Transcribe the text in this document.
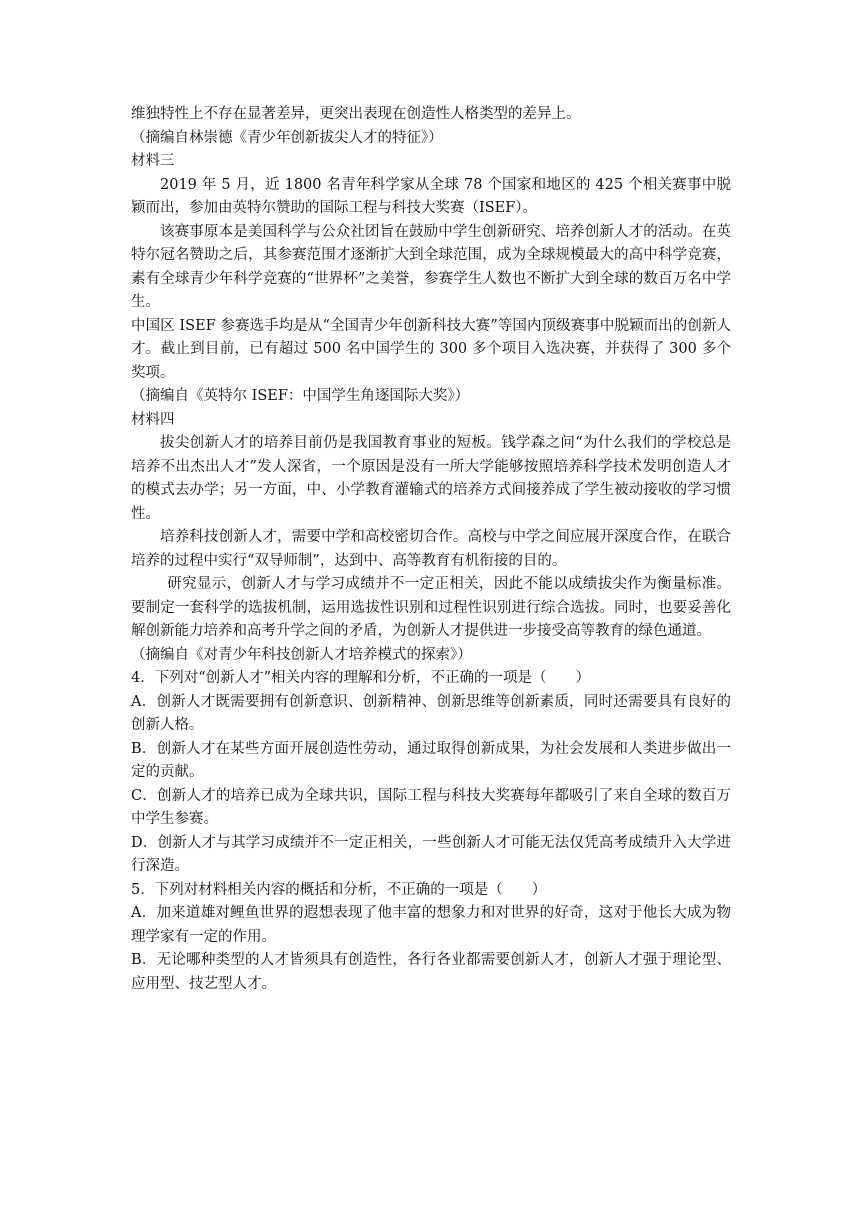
维独特性上不存在显著差异，更突出表现在创造性人格类型的差异上。

（摘编自林崇德《青少年创新拔尖人才的特征》）

材料三

2019 年 5 月，近 1800 名青年科学家从全球 78 个国家和地区的 425 个相关赛事中脱颖而出，参加由英特尔赞助的国际工程与科技大奖赛（ISEF）。

该赛事原本是美国科学与公众社团旨在鼓励中学生创新研究、培养创新人才的活动。在英特尔冠名赞助之后，其参赛范围才逐渐扩大到全球范围，成为全球规模最大的高中科学竞赛，素有全球青少年科学竞赛的“世界杯”之美誉，参赛学生人数也不断扩大到全球的数百万名中学生。

中国区 ISEF 参赛选手均是从“全国青少年创新科技大赛”等国内顶级赛事中脱颖而出的创新人才。截止到目前，已有超过 500 名中国学生的 300 多个项目入选决赛，并获得了 300 多个奖项。

（摘编自《英特尔 ISEF：中国学生角逐国际大奖》）

材料四

拔尖创新人才的培养目前仍是我国教育事业的短板。钱学森之问“为什么我们的学校总是培养不出杰出人才”发人深省，一个原因是没有一所大学能够按照培养科学技术发明创造人才的模式去办学；另一方面，中、小学教育灌输式的培养方式间接养成了学生被动接收的学习惯性。

培养科技创新人才，需要中学和高校密切合作。高校与中学之间应展开深度合作，在联合培养的过程中实行“双导师制”，达到中、高等教育有机衔接的目的。

研究显示，创新人才与学习成绩并不一定正相关，因此不能以成绩拔尖作为衡量标准。要制定一套科学的选拔机制，运用选拔性识别和过程性识别进行综合选拔。同时，也要妥善化解创新能力培养和高考升学之间的矛盾，为创新人才提供进一步接受高等教育的绿色通道。

（摘编自《对青少年科技创新人才培养模式的探索》）

4．下列对“创新人才”相关内容的理解和分析，不正确的一项是（　　）

A．创新人才既需要拥有创新意识、创新精神、创新思维等创新素质，同时还需要具有良好的创新人格。

B．创新人才在某些方面开展创造性劳动，通过取得创新成果，为社会发展和人类进步做出一定的贡献。

C．创新人才的培养已成为全球共识，国际工程与科技大奖赛每年都吸引了来自全球的数百万中学生参赛。

D．创新人才与其学习成绩并不一定正相关，一些创新人才可能无法仅凭高考成绩升入大学进行深造。

5．下列对材料相关内容的概括和分析，不正确的一项是（　　）

A．加来道雄对鲤鱼世界的遐想表现了他丰富的想象力和对世界的好奇，这对于他长大成为物理学家有一定的作用。

B．无论哪种类型的人才皆须具有创造性，各行各业都需要创新人才，创新人才强于理论型、应用型、技艺型人才。
